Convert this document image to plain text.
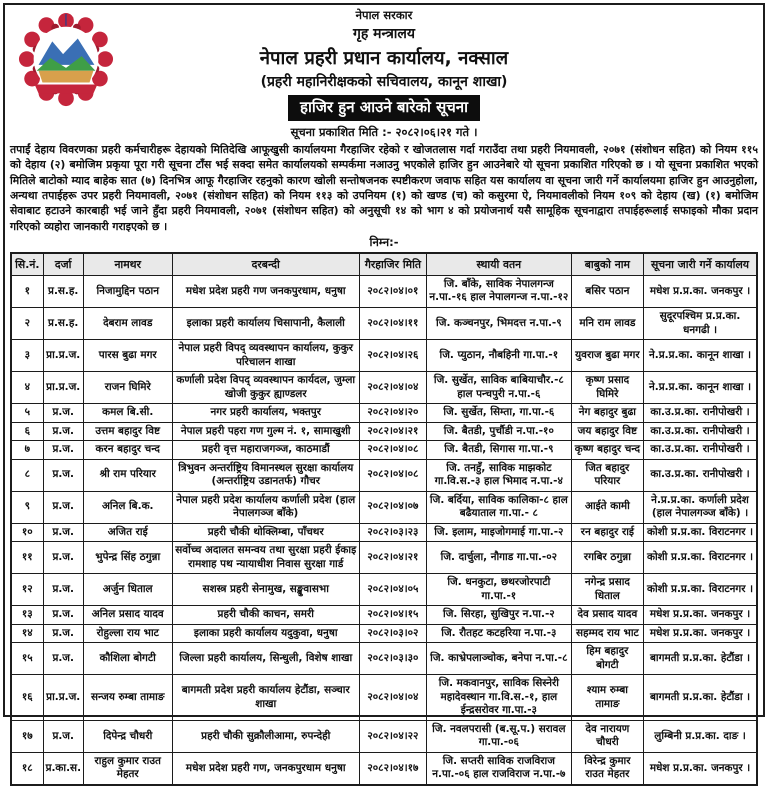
नेपाल सरकार
गृह मन्त्रालय
नेपाल प्रहरी प्रधान कार्यालय, नक्साल
(प्रहरी महानिरीक्षकको सचिवालय, कानून शाखा)
हाजिर हुन आउने बारेको सूचना
सूचना प्रकाशित मिति :- २०८२।०६।२१ गते ।
तपाईं देहाय विवरणका प्रहरी कर्मचारीहरू देहायको मितिदेखि आफूखुसी कार्यालयमा गैरहाजिर रहेको र खोजतलास गर्दा गराउँदा तथा प्रहरी नियमावली, २०७१ (संशोधन सहित) को नियम ११५ को देहाय (२) बमोजिम प्रकृया पूरा गरी सूचना टाँस भई सक्दा समेत कार्यालयको सम्पर्कमा नआउनु भएकोले हाजिर हुन आउनेबारे यो सूचना प्रकाशित गरिएको छ । यो सूचना प्रकाशित भएको मितिले बाटोको म्याद बाहेक सात (७) दिनभित्र आफू गैरहाजिर रहनुको कारण खोली सन्तोषजनक स्पष्टीकरण जवाफ सहित यस कार्यालय वा सूचना जारी गर्ने कार्यालयमा हाजिर हुन आउनुहोला, अन्यथा तपाईहरू उपर प्रहरी नियमावली, २०७१ (संशोधन सहित) को नियम ११३ को उपनियम (१) को खण्ड (च) को कसुरमा ऐ, नियमावलीको नियम १०९ को देहाय (ख) (१) बमोजिम सेवाबाट हटाउने कारबाही भई जाने हुँदा प्रहरी नियमावली, २०७१ (संशोधन सहित) को अनुसूची १४ को भाग ४ को प्रयोजनार्थ यसै सामूहिक सूचनाद्वारा तपाईहरूलाई सफाइको मौका प्रदान गरिएको व्यहोरा जानकारी गराइएको छ ।
निम्न:-
सि.नं.	दर्जा	नामथर	दरबन्दी	गैरहाजिर मिति	स्थायी वतन	बाबुको नाम	सूचना जारी गर्ने कार्यालय
१	प्र.स.ह.	निजामुद्दिन पठान	मधेश प्रदेश प्रहरी गण जनकपुरधाम, धनुषा	२०८२।०४।०१	जि. बाँके, साविक नेपालगन्ज न.पा.-१६ हाल नेपालगन्ज न.पा.-१२	बसिर पठान	मधेश प्र.प्र.का. जनकपुर ।
२	प्र.स.ह.	देबराम लावड	इलाका प्रहरी कार्यालय चिसापानी, कैलाली	२०८२।०४।११	जि. कञ्चनपुर, भिमदत्त न.पा.-९	मनि राम लावड	सुदूरपश्चिम प्र.प्र.का. धनगढी ।
३	प्रा.प्र.ज.	पारस बुढा मगर	नेपाल प्रहरी विपद् व्यवस्थापन कार्यालय, कुकुर परिचालन शाखा	२०८२।०४।२६	जि. प्युठान, नौबहिनी गा.पा.-१	युवराज बुढा मगर	ने.प्र.प्र.का. कानून शाखा ।
४	प्रा.प्र.ज.	राजन घिमिरे	कर्णाली प्रदेश विपद् व्यवस्थापन कार्यदल, जुम्ला खोजी कुकुर ह्याण्डलर	२०८२।०४।०४	जि. सुर्खेत, साविक बाबियाचौर.-८ हाल पन्चपुरी न.पा.-६	कृष्ण प्रसाद घिमिरे	ने.प्र.प्र.का. कानून शाखा ।
५	प्र.ज.	कमल बि.सी.	नगर प्रहरी कार्यालय, भक्तपुर	२०८२।०४।२०	जि. सुर्खेत, सिम्ता, गा.पा.-६	नेग बहादुर बुढा	का.उ.प्र.का. रानीपोखरी ।
६	प्र.ज.	उत्तम बहादुर विष्ट	नेपाल प्रहरी पहरा गण गुल्म नं. १, सामाखुशी	२०८२।०४।२१	जि. बैतडी, पुर्चौडी न.पा.-१०	जय बहादुर विष्ट	का.उ.प्र.का. रानीपोखरी ।
७	प्र.ज.	करन बहादुर चन्द	प्रहरी वृत्त महाराजगञ्ज, काठमाडौं	२०८२।०४।०८	जि. बैतडी, सिगास गा.पा.-९	कृष्ण बहादुर चन्द	का.उ.प्र.का. रानीपोखरी ।
८	प्र.ज.	श्री राम परियार	त्रिभुवन अन्तर्राष्ट्रिय विमानस्थल सुरक्षा कार्यालय (अन्तर्राष्ट्रिय उडानतर्फ) गौचर	२०८२।०४।०८	जि. तनहुँ, साविक माझकोट गा.वि.स.-३ हाल भिमाद न.पा.-४	जित बहादुर परियार	का.उ.प्र.का. रानीपोखरी ।
९	प्र.ज.	अनिल बि.क.	नेपाल प्रहरी प्रदेश कार्यालय कर्णाली प्रदेश (हाल नेपालगञ्ज बाँके)	२०८२।०४।०७	जि. बर्दिया, साविक कालिका-८ हाल बढैयाताल गा.पा.- ८	आईते कामी	ने.प्र.प्र.का. कर्णाली प्रदेश (हाल नेपालगञ्ज बाँके) ।
१०	प्र.ज.	अजित राई	प्रहरी चौकी थोक्लिम्बा, पाँचथर	२०८२।०३।२३	जि. इलाम, माइजोगमाई गा.पा.-२	रन बहादुर राई	कोशी प्र.प्र.का. विराटनगर ।
११	प्र.ज.	भुपेन्द्र सिंह ठगुन्ना	सर्वोच्च अदालत समन्वय तथा सुरक्षा प्रहरी ईकाइ रामशाह पथ न्यायाधीश निवास सुरक्षा गार्ड	२०८२।०४।२१	जि. दार्चुला, नौगाड गा.पा.-०२	रगबिर ठगुन्ना	कोशी प्र.प्र.का. विराटनगर ।
१२	प्र.ज.	अर्जुन धिताल	सशस्त्र प्रहरी सेनामुख, सङ्खुवासभा	२०८२।०४।०५	जि. धनकुटा, छथरजोरपाटी गा.पा.-१	नगेन्द्र प्रसाद धिताल	कोशी प्र.प्र.का. विराटनगर ।
१३	प्र.ज.	अनिल प्रसाद यादव	प्रहरी चौकी काचन, समरी	२०८२।०४।१५	जि. सिरहा, सुखिपुर न.पा.-२	देव प्रसाद यादव	मधेश प्र.प्र.का. जनकपुर ।
१४	प्र.ज.	रोहुल्ला राय भाट	इलाका प्रहरी कार्यालय यदुकुवा, धनुषा	२०८२।०३।०२	जि. रौतहट कटहरिया न.पा.-३	सहम्मद राय भाट	मधेश प्र.प्र.का. जनकपुर ।
१५	प्र.ज.	कौशिला बोगटी	जिल्ला प्रहरी कार्यालय, सिन्धुली, विशेष शाखा	२०८२।०३।३०	जि. काभ्रेपलाञ्चोक, बनेपा न.पा.-८	हिम बहादुर बोगटी	बागमती प्र.प्र.का. हेटौंडा ।
१६	प्रा.प्र.ज.	सन्जय रुम्बा तामाङ	बागमती प्रदेश प्रहरी कार्यालय हेटौंडा, सञ्चार शाखा	२०८२।०४।०४	जि. मकवानपुर, साविक सिस्नेरी महादेवस्थान गा.वि.स.-१, हाल ईन्द्रसरोवर गा.पा.-३	श्याम रुम्बा तामाङ	बागमती प्र.प्र.का. हेटौंडा ।
१७	प्र.ज.	दिपेन्द्र चौधरी	प्रहरी चौकी सुक्रौलीआमा, रुपन्देही	२०८२।०४।२२	जि. नवलपरासी (ब.सू.प.) सरावल गा.पा.-०६	देव नारायण चौधरी	लुम्बिनी प्र.प्र.का. दाङ ।
१८	प्र.का.स.	राहुल कुमार राउत मेहतर	मधेश प्रदेश प्रहरी गण, जनकपुरधाम धनुषा	२०८२।०४।१७	जि. सप्तरी साविक राजविराज न.पा.-०६ हाल राजविराज न.पा.-७	विरेन्द्र कुमार राउत मेहतर	मधेश प्र.प्र.का. जनकपुर ।
